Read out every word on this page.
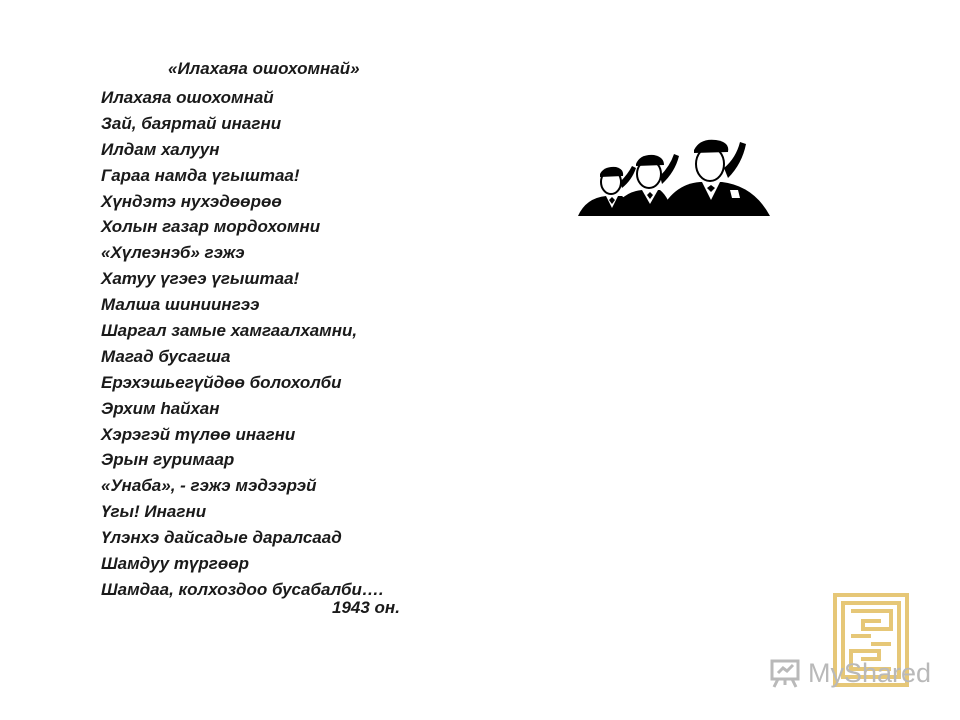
«Илахаяа ошохомнай»
Илахаяа ошохомнай
Зай, баяртай инагни
Илдам халуун
Гараа намда үгыштаа!
Хүндэтэ нухэдөөрөө
Холын газар мордохомни
«Хүлеэнэб» гэжэ
Хатуу үгэеэ үгыштаа!
Малша шиниингээ
Шаргал замые хамгаалхамни,
Магад бусагша
Ерэхэшьегүйдөө болохолби
Эрхим һайхан
Хэрэгэй түлөө инагни
Эрын гуримаар
«Унаба», - гэжэ мэдээрэй
Үгы! Инагни
Үлэнхэ дайсадые даралсаад
Шамдуу түргөөр
Шамдаа, колхоздоо бусабалби….
1943 он.
MyShared
